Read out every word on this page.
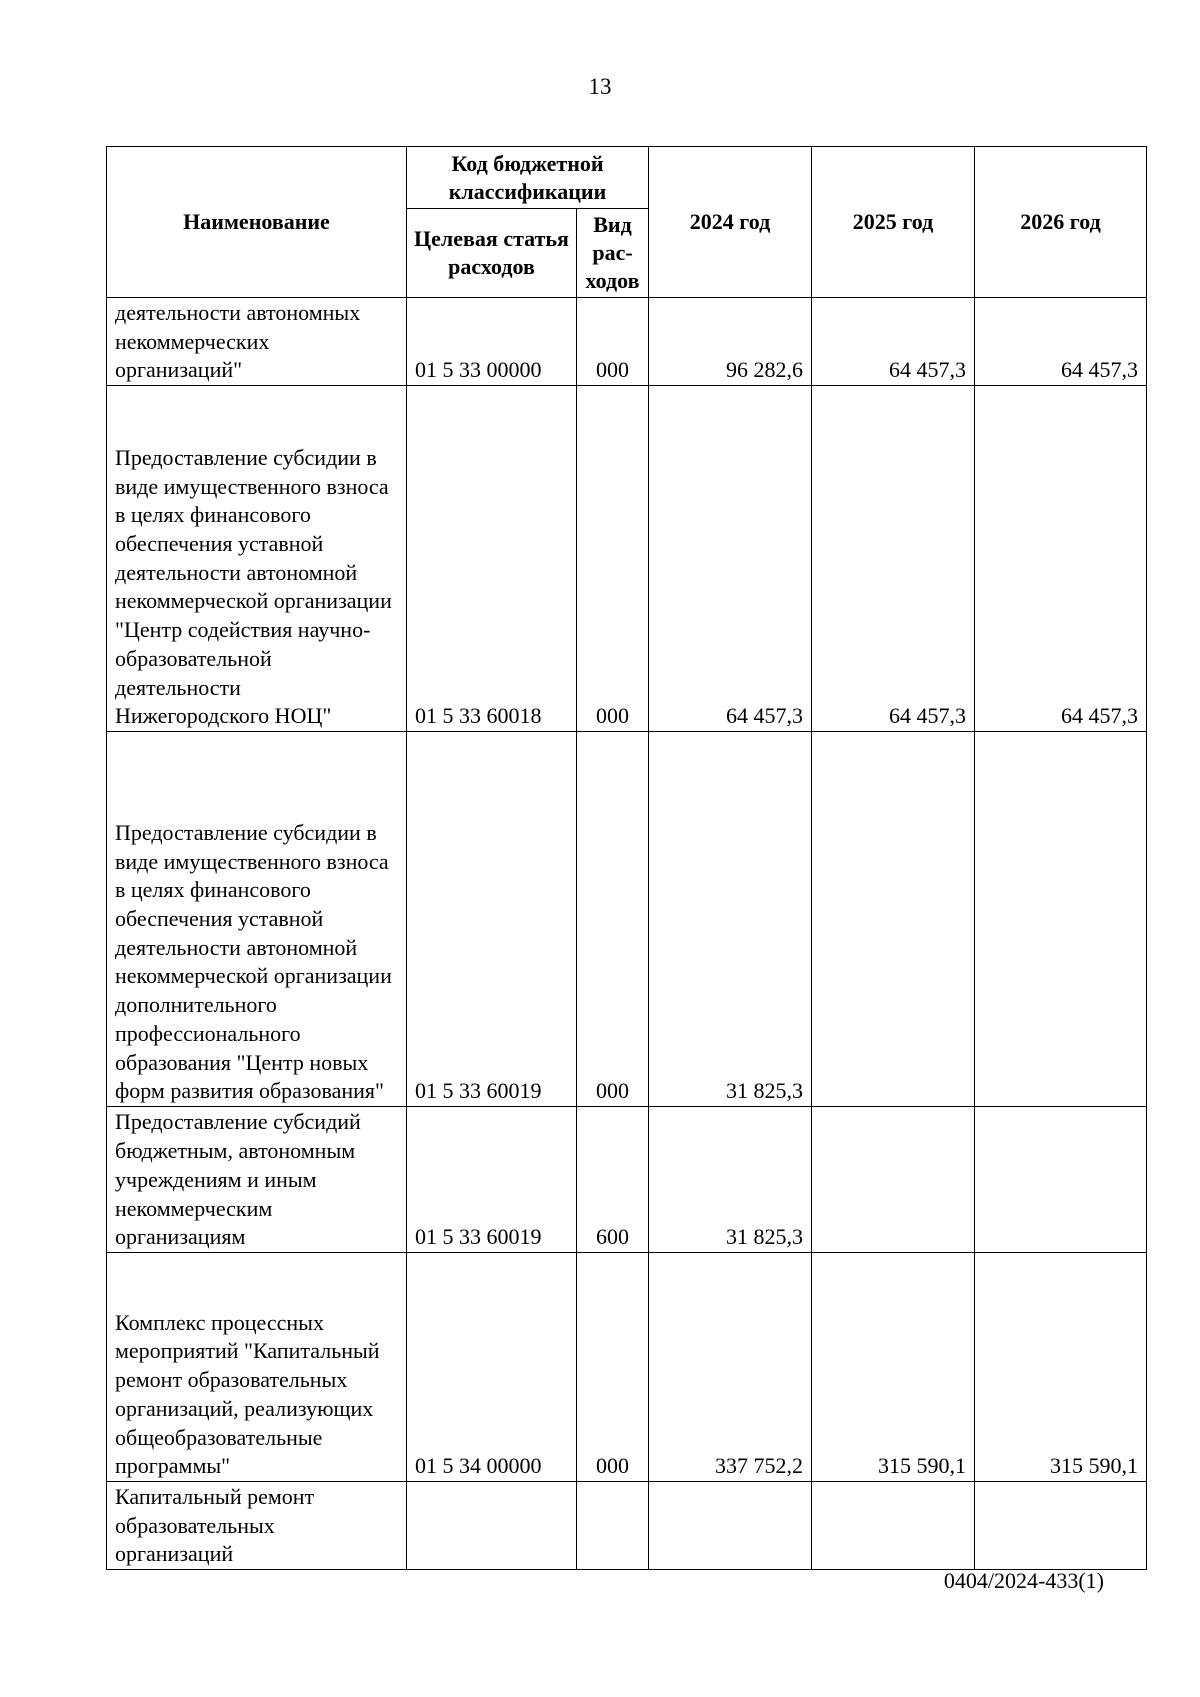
13
Наименование	Код бюджетной классификации		2024 год	2025 год	2026 год
	Целевая статья расходов	Вид рас-ходов			
деятельности автономных некоммерческих организаций"	01 5 33 00000	000	96 282,6	64 457,3	64 457,3
Предоставление субсидии в виде имущественного взноса в целях финансового обеспечения уставной деятельности автономной некоммерческой организации "Центр содействия научно-образовательной деятельности Нижегородского НОЦ"	01 5 33 60018	000	64 457,3	64 457,3	64 457,3
Предоставление субсидии в виде имущественного взноса в целях финансового обеспечения уставной деятельности автономной некоммерческой организации дополнительного профессионального образования "Центр новых форм развития образования"	01 5 33 60019	000	31 825,3		
Предоставление субсидий бюджетным, автономным учреждениям и иным некоммерческим организациям	01 5 33 60019	600	31 825,3		
Комплекс процессных мероприятий "Капитальный ремонт образовательных организаций, реализующих общеобразовательные программы"	01 5 34 00000	000	337 752,2	315 590,1	315 590,1
Капитальный ремонт образовательных организаций					
0404/2024-433(1)
